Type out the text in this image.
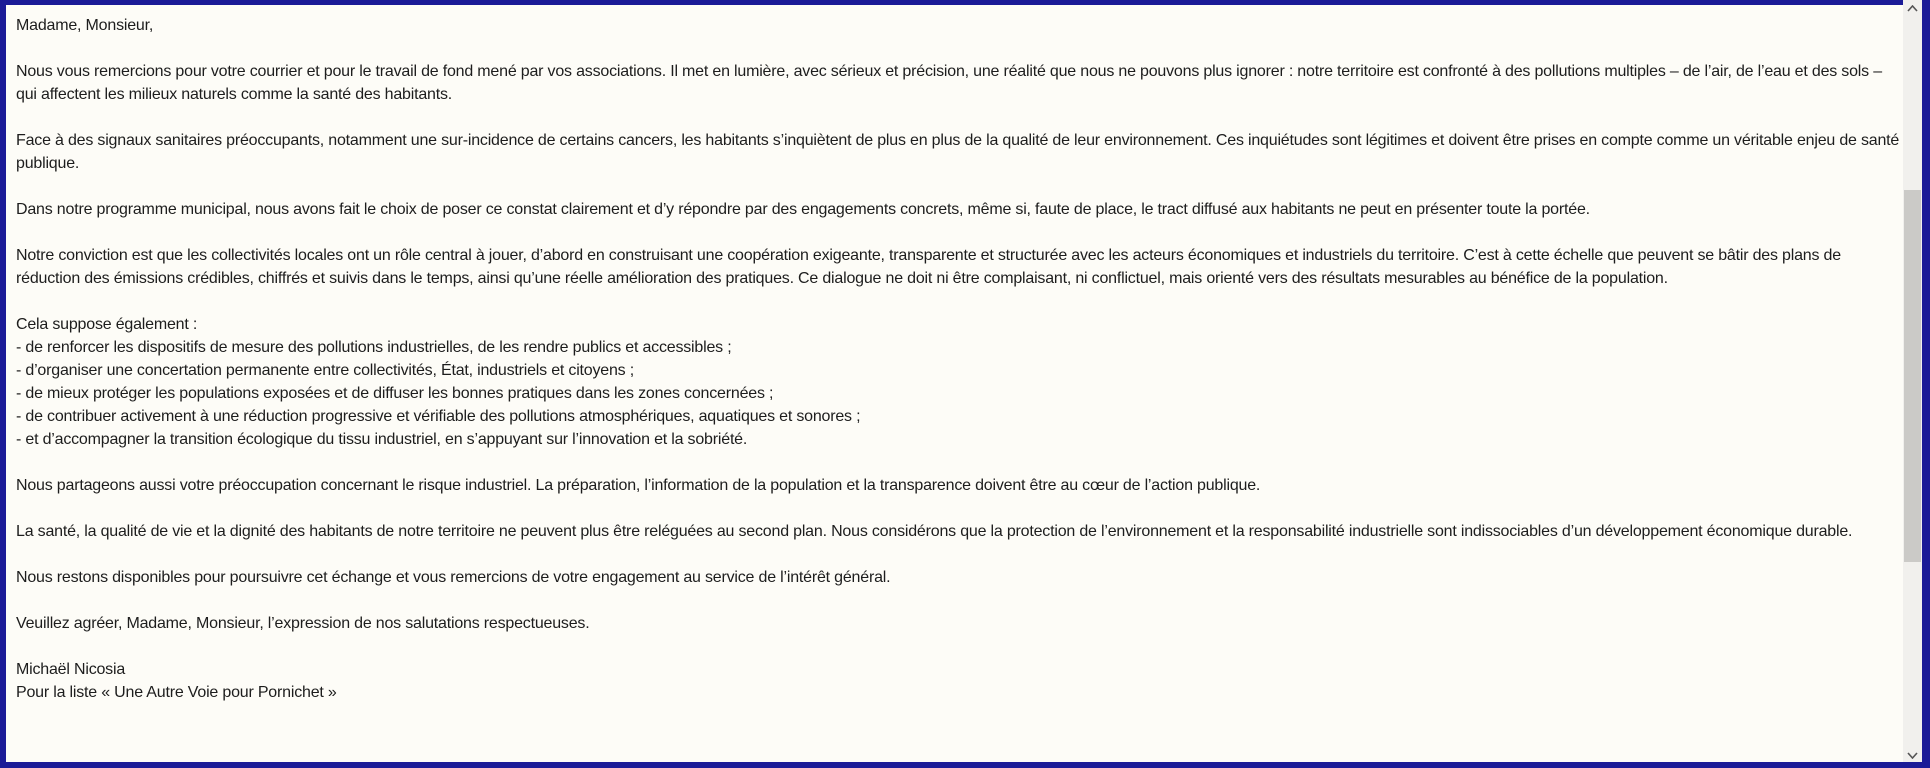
Madame, Monsieur,
Nous vous remercions pour votre courrier et pour le travail de fond mené par vos associations. Il met en lumière, avec sérieux et précision, une réalité que nous ne pouvons plus ignorer : notre territoire est confronté à des pollutions multiples – de l’air, de l’eau et des sols – qui affectent les milieux naturels comme la santé des habitants.
Face à des signaux sanitaires préoccupants, notamment une sur-incidence de certains cancers, les habitants s’inquiètent de plus en plus de la qualité de leur environnement. Ces inquiétudes sont légitimes et doivent être prises en compte comme un véritable enjeu de santé publique.
Dans notre programme municipal, nous avons fait le choix de poser ce constat clairement et d’y répondre par des engagements concrets, même si, faute de place, le tract diffusé aux habitants ne peut en présenter toute la portée.
Notre conviction est que les collectivités locales ont un rôle central à jouer, d’abord en construisant une coopération exigeante, transparente et structurée avec les acteurs économiques et industriels du territoire. C’est à cette échelle que peuvent se bâtir des plans de réduction des émissions crédibles, chiffrés et suivis dans le temps, ainsi qu’une réelle amélioration des pratiques. Ce dialogue ne doit ni être complaisant, ni conflictuel, mais orienté vers des résultats mesurables au bénéfice de la population.
Cela suppose également :
- de renforcer les dispositifs de mesure des pollutions industrielles, de les rendre publics et accessibles ;
- d’organiser une concertation permanente entre collectivités, État, industriels et citoyens ;
- de mieux protéger les populations exposées et de diffuser les bonnes pratiques dans les zones concernées ;
- de contribuer activement à une réduction progressive et vérifiable des pollutions atmosphériques, aquatiques et sonores ;
- et d’accompagner la transition écologique du tissu industriel, en s’appuyant sur l’innovation et la sobriété.
Nous partageons aussi votre préoccupation concernant le risque industriel. La préparation, l’information de la population et la transparence doivent être au cœur de l’action publique.
La santé, la qualité de vie et la dignité des habitants de notre territoire ne peuvent plus être reléguées au second plan. Nous considérons que la protection de l’environnement et la responsabilité industrielle sont indissociables d’un développement économique durable.
Nous restons disponibles pour poursuivre cet échange et vous remercions de votre engagement au service de l’intérêt général.
Veuillez agréer, Madame, Monsieur, l’expression de nos salutations respectueuses.
Michaël Nicosia
Pour la liste « Une Autre Voie pour Pornichet »
